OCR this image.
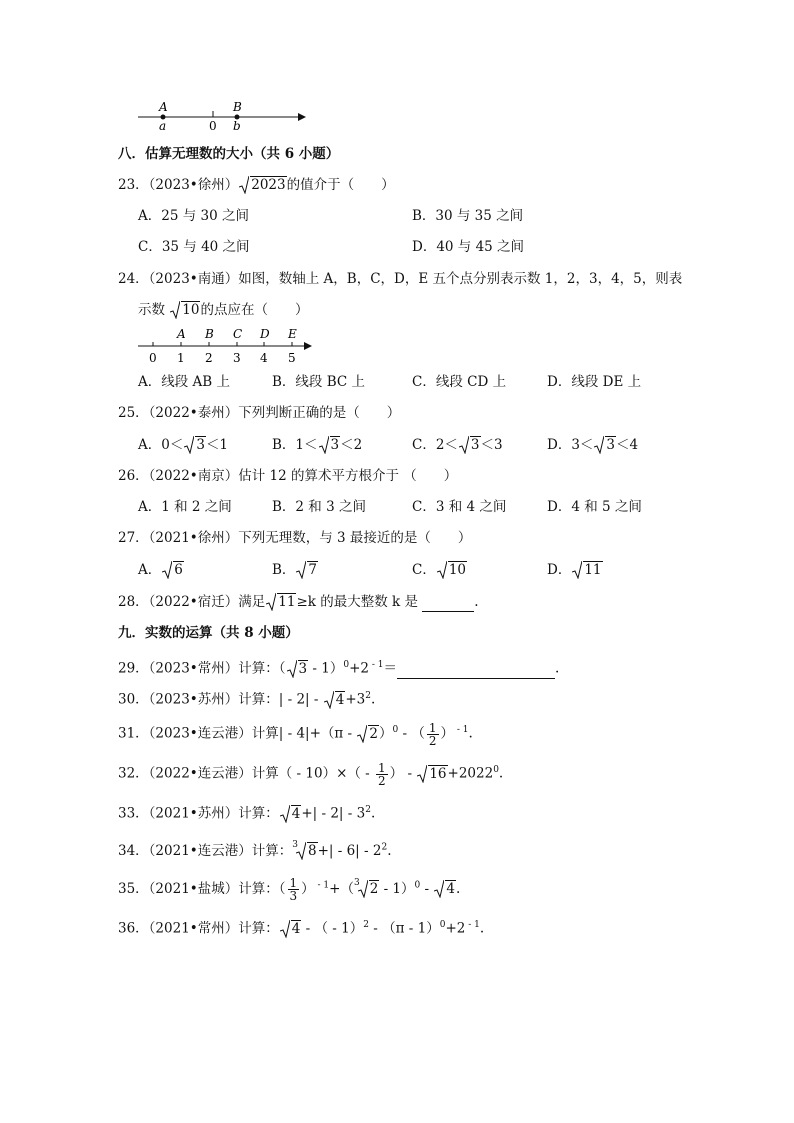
A	B
a	0 b
八．估算无理数的大小（共 6 小题）
23．（2023•徐州） 2023的值介于（　　）
A．25 与 30 之间	B．30 与 35 之间
C．35 与 40 之间	D．40 与 45 之间
24．（2023•南通）如图，数轴上 A，B，C，D，E 五个点分别表示数 1，2，3，4，5，则表
示数
10的点应在（　　）
A B C D E
0 1 2 3 4 5
A．线段 AB 上	B．线段 BC 上	C．线段 CD 上	D．线段 DE 上
25．（2022•泰州）下列判断正确的是（　　）
A．0＜ 3＜1	B．1＜ 3＜2	C．2＜ 3＜3	D．3＜ 3＜4
26．（2022•南京）估计 12 的算术平方根介于 （　　）
A．1 和 2 之间	B．2 和 3 之间	C．3 和 4 之间	D．4 和 5 之间
27．（2021•徐州）下列无理数，与 3 最接近的是（　　）
A． 6	B． 7	C． 10	D． 11
28．（2022•宿迁）满足 11≥k 的最大整数 k 是	.
九．实数的运算（共 8 小题）
29．（2023•常州）计算：（ 3 - 1）$^0$+2 $^{- 1}$＝	.
30．（2023•苏州）计算：| - 2| -
$4+3^2$.
31．（2023•连云港）计算| - 4|+（π -
2）$^0$ - （ $\frac{1}{2}$ ） $^{- 1}$.
32．（2022•连云港）计算（ - $10)\times( - \frac{1}{2}$ ） -
$16+2022^0$.
33．（2021•苏州）计算： $4+| - 2| - 3^2$.
34．（2021•连云港）计算：$^3$ $8+| - 6| - 2^2$.
35．（2021•盐城）计算：（ $\frac{1}{3}$ ） $^{- 1}$+（$^3$ 2 - 1）$^0$ -
4.
36．（2021•常州）计算： 4 - （ - 1）$^2$ - （π - 1）$^0$+2 $^{- 1}$.
